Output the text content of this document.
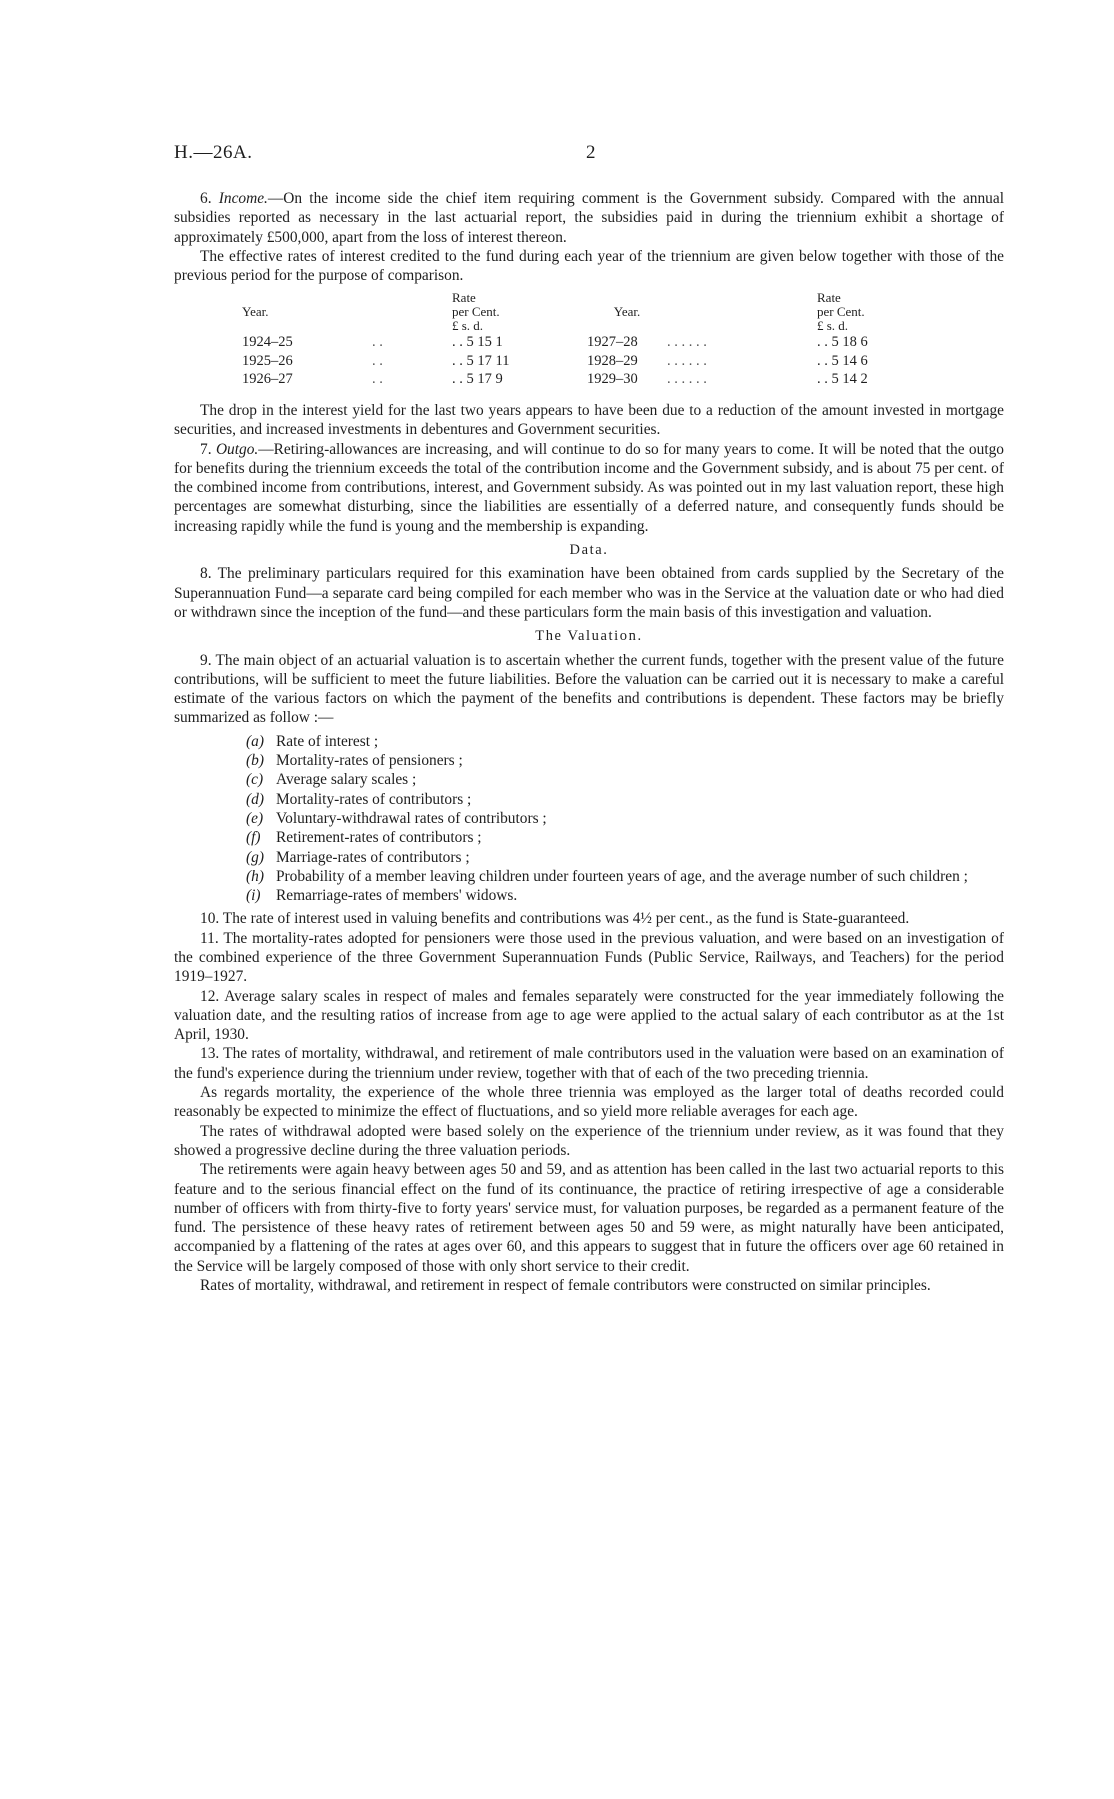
H.—26A.	2

6. Income.—On the income side the chief item requiring comment is the Government subsidy. Compared with the annual subsidies reported as necessary in the last actuarial report, the subsidies paid in during the triennium exhibit a shortage of approximately £500,000, apart from the loss of interest thereon.

The effective rates of interest credited to the fund during each year of the triennium are given below together with those of the previous period for the purpose of comparison.

		Rate				Rate
Year.		per Cent.		Year.		per Cent.
		£ s. d.				£ s. d.
1924–25	. .	. . 5 15 1		1927–28	. . . . . .	. . 5 18 6
1925–26	. .	. . 5 17 11		1928–29	. . . . . .	. . 5 14 6
1926–27	. .	. . 5 17 9		1929–30	. . . . . .	. . 5 14 2

The drop in the interest yield for the last two years appears to have been due to a reduction of the amount invested in mortgage securities, and increased investments in debentures and Government securities.

7. Outgo.—Retiring-allowances are increasing, and will continue to do so for many years to come. It will be noted that the outgo for benefits during the triennium exceeds the total of the contribution income and the Government subsidy, and is about 75 per cent. of the combined income from contributions, interest, and Government subsidy. As was pointed out in my last valuation report, these high percentages are somewhat disturbing, since the liabilities are essentially of a deferred nature, and consequently funds should be increasing rapidly while the fund is young and the membership is expanding.

Data.

8. The preliminary particulars required for this examination have been obtained from cards supplied by the Secretary of the Superannuation Fund—a separate card being compiled for each member who was in the Service at the valuation date or who had died or withdrawn since the inception of the fund—and these particulars form the main basis of this investigation and valuation.

The Valuation.

9. The main object of an actuarial valuation is to ascertain whether the current funds, together with the present value of the future contributions, will be sufficient to meet the future liabilities. Before the valuation can be carried out it is necessary to make a careful estimate of the various factors on which the payment of the benefits and contributions is dependent. These factors may be briefly summarized as follow :—

(a) Rate of interest ;
(b) Mortality-rates of pensioners ;
(c) Average salary scales ;
(d) Mortality-rates of contributors ;
(e) Voluntary-withdrawal rates of contributors ;
(f) Retirement-rates of contributors ;
(g) Marriage-rates of contributors ;
(h) Probability of a member leaving children under fourteen years of age, and the average number of such children ;
(i) Remarriage-rates of members' widows.

10. The rate of interest used in valuing benefits and contributions was 4½ per cent., as the fund is State-guaranteed.

11. The mortality-rates adopted for pensioners were those used in the previous valuation, and were based on an investigation of the combined experience of the three Government Superannuation Funds (Public Service, Railways, and Teachers) for the period 1919–1927.

12. Average salary scales in respect of males and females separately were constructed for the year immediately following the valuation date, and the resulting ratios of increase from age to age were applied to the actual salary of each contributor as at the 1st April, 1930.

13. The rates of mortality, withdrawal, and retirement of male contributors used in the valuation were based on an examination of the fund's experience during the triennium under review, together with that of each of the two preceding triennia.

As regards mortality, the experience of the whole three triennia was employed as the larger total of deaths recorded could reasonably be expected to minimize the effect of fluctuations, and so yield more reliable averages for each age.

The rates of withdrawal adopted were based solely on the experience of the triennium under review, as it was found that they showed a progressive decline during the three valuation periods.

The retirements were again heavy between ages 50 and 59, and as attention has been called in the last two actuarial reports to this feature and to the serious financial effect on the fund of its continuance, the practice of retiring irrespective of age a considerable number of officers with from thirty-five to forty years' service must, for valuation purposes, be regarded as a permanent feature of the fund. The persistence of these heavy rates of retirement between ages 50 and 59 were, as might naturally have been anticipated, accompanied by a flattening of the rates at ages over 60, and this appears to suggest that in future the officers over age 60 retained in the Service will be largely composed of those with only short service to their credit.

Rates of mortality, withdrawal, and retirement in respect of female contributors were constructed on similar principles.
